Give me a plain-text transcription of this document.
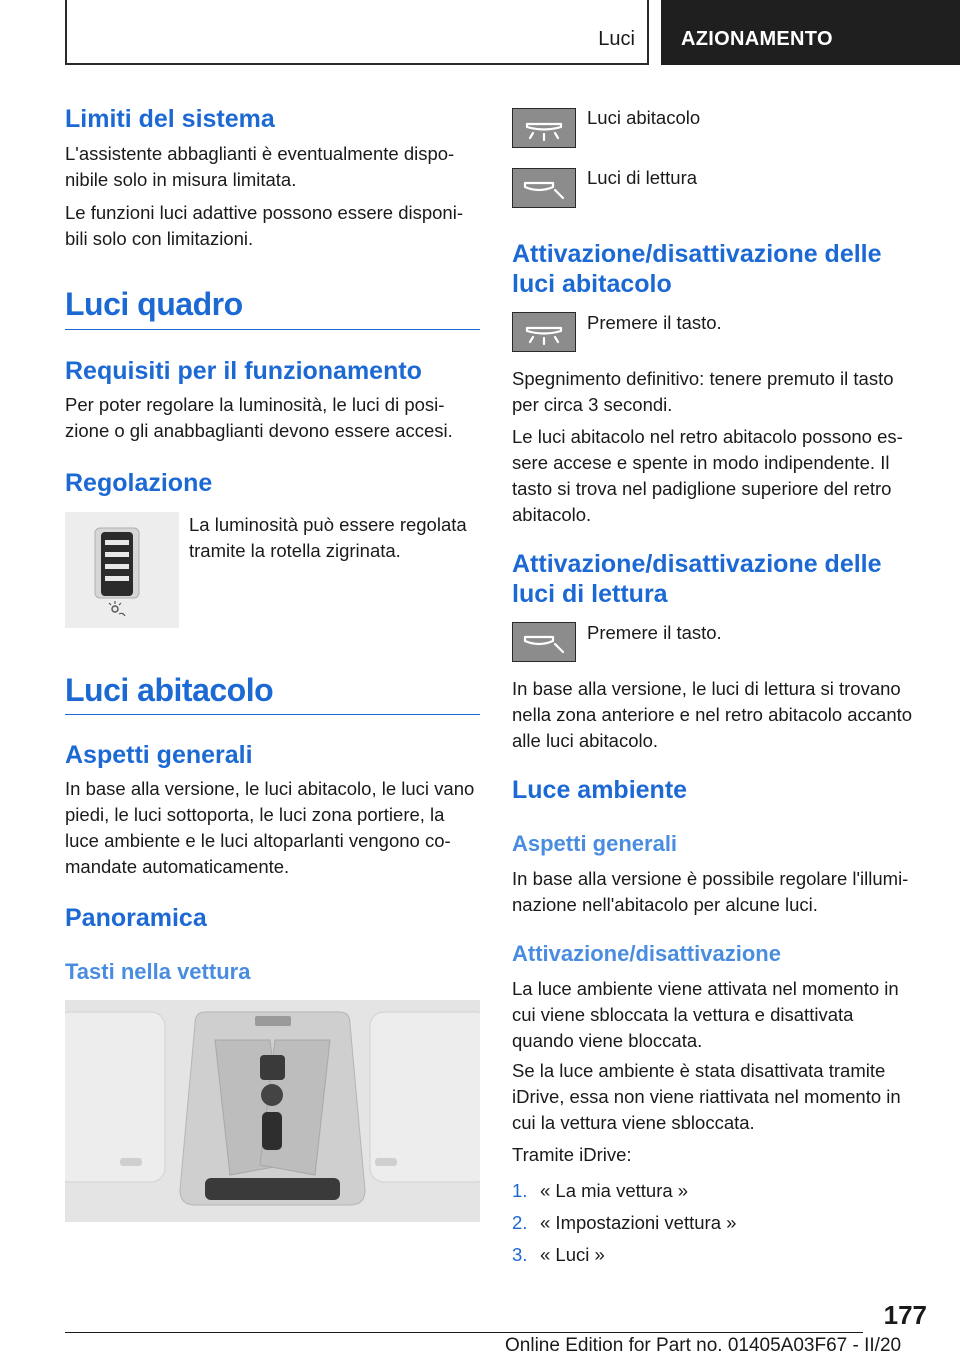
Luci AZIONAMENTO
Limiti del sistema
L'assistente abbaglianti è eventualmente dispo-
nibile solo in misura limitata.
Le funzioni luci adattive possono essere disponi-
bili solo con limitazioni.
Luci quadro
Requisiti per il funzionamento
Per poter regolare la luminosità, le luci di posi-
zione o gli anabbaglianti devono essere accesi.
Regolazione
La luminosità può essere regolata
tramite la rotella zigrinata.
Luci abitacolo
Aspetti generali
In base alla versione, le luci abitacolo, le luci vano
piedi, le luci sottoporta, le luci zona portiere, la
luce ambiente e le luci altoparlanti vengono co-
mandate automaticamente.
Panoramica
Tasti nella vettura
Luci abitacolo
Luci di lettura
Attivazione/disattivazione delle
luci abitacolo
Premere il tasto.
Spegnimento definitivo: tenere premuto il tasto
per circa 3 secondi.
Le luci abitacolo nel retro abitacolo possono es-
sere accese e spente in modo indipendente. Il
tasto si trova nel padiglione superiore del retro
abitacolo.
Attivazione/disattivazione delle
luci di lettura
Premere il tasto.
In base alla versione, le luci di lettura si trovano
nella zona anteriore e nel retro abitacolo accanto
alle luci abitacolo.
Luce ambiente
Aspetti generali
In base alla versione è possibile regolare l'illumi-
nazione nell'abitacolo per alcune luci.
Attivazione/disattivazione
La luce ambiente viene attivata nel momento in
cui viene sbloccata la vettura e disattivata
quando viene bloccata.
Se la luce ambiente è stata disattivata tramite
iDrive, essa non viene riattivata nel momento in
cui la vettura viene sbloccata.
Tramite iDrive:
1. « La mia vettura »
2. « Impostazioni vettura »
3. « Luci »
177
Online Edition for Part no. 01405A03F67 - II/20
